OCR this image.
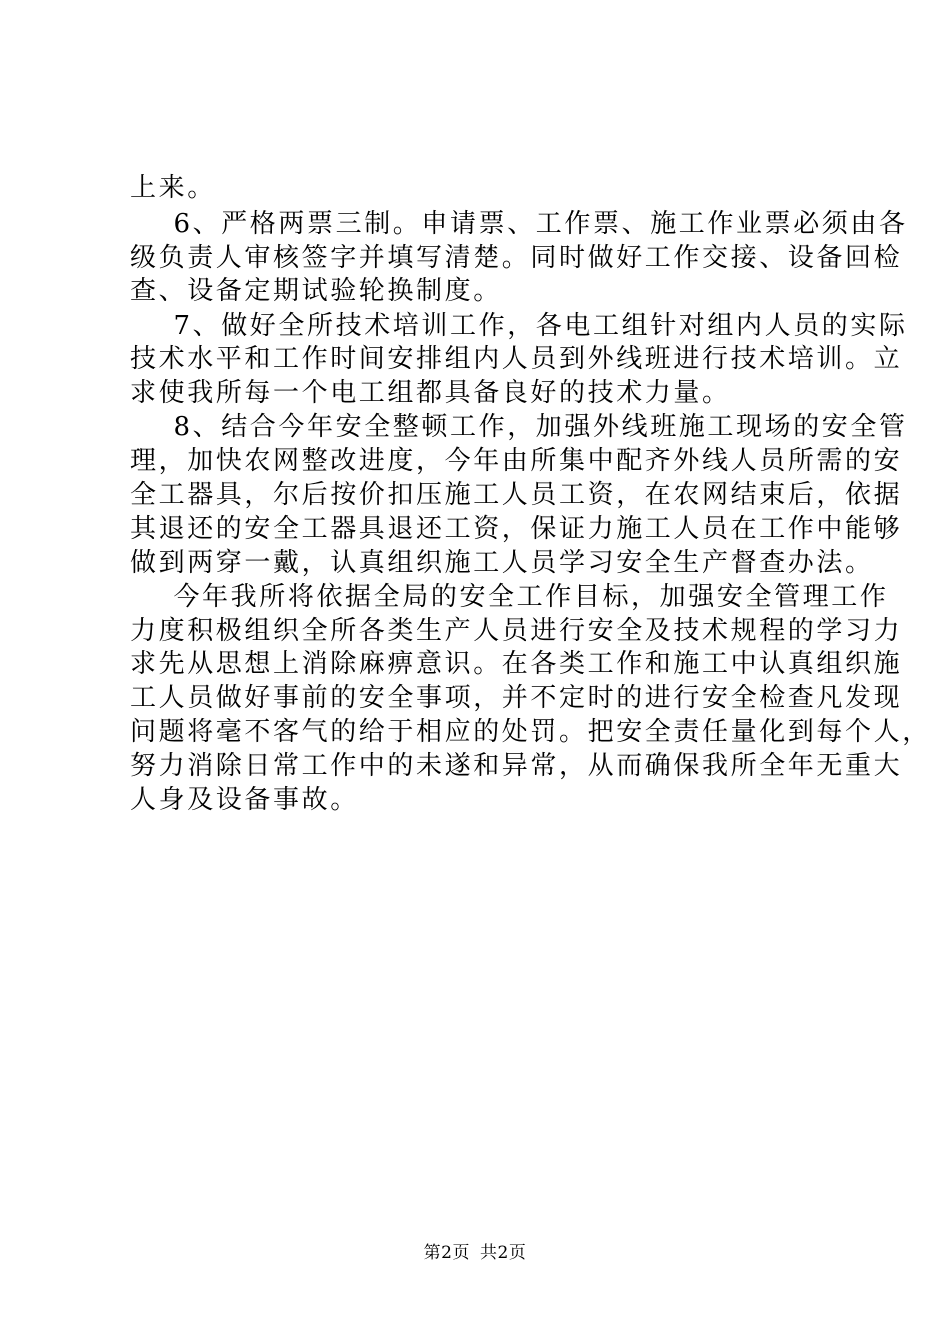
上来。
6、严格两票三制。申请票、工作票、施工作业票必须由各
级负责人审核签字并填写清楚。同时做好工作交接、设备回检
查、设备定期试验轮换制度。
7、做好全所技术培训工作，各电工组针对组内人员的实际
技术水平和工作时间安排组内人员到外线班进行技术培训。立
求使我所每一个电工组都具备良好的技术力量。
8、结合今年安全整顿工作，加强外线班施工现场的安全管
理，加快农网整改进度，今年由所集中配齐外线人员所需的安
全工器具，尔后按价扣压施工人员工资，在农网结束后，依据
其退还的安全工器具退还工资，保证力施工人员在工作中能够
做到两穿一戴，认真组织施工人员学习安全生产督查办法。
今年我所将依据全局的安全工作目标，加强安全管理工作
力度积极组织全所各类生产人员进行安全及技术规程的学习力
求先从思想上消除麻痹意识。在各类工作和施工中认真组织施
工人员做好事前的安全事项，并不定时的进行安全检查凡发现
问题将毫不客气的给于相应的处罚。把安全责任量化到每个人，
努力消除日常工作中的未遂和异常，从而确保我所全年无重大
人身及设备事故。
第2页 共2页
